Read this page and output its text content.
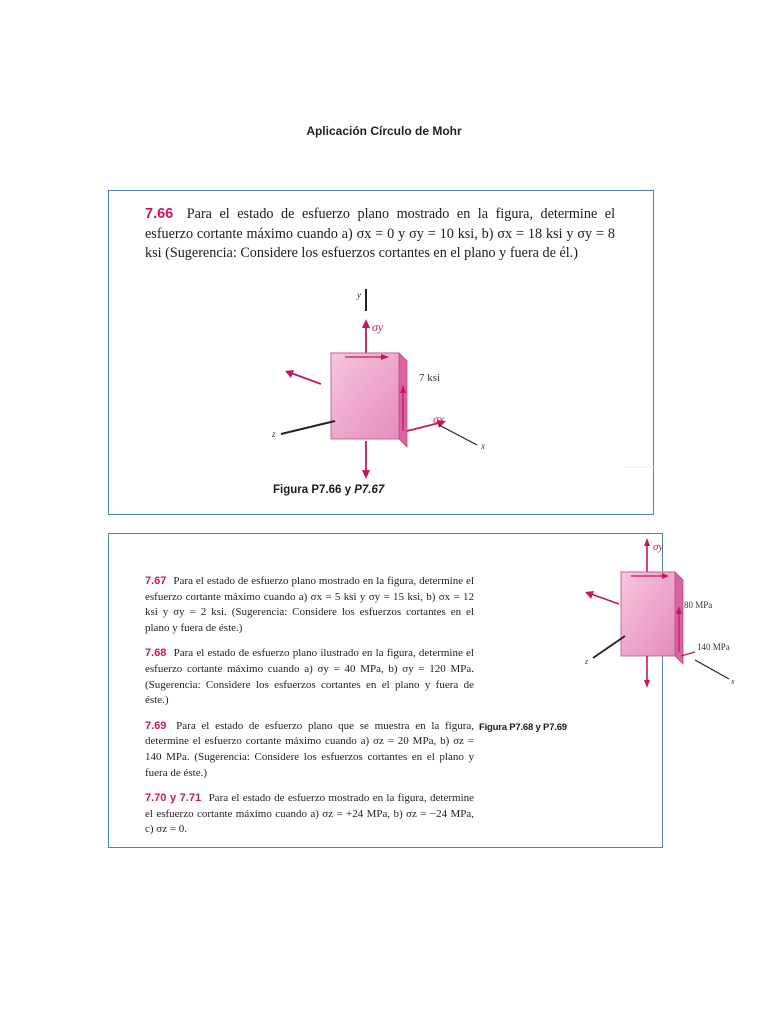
Aplicación Círculo de Mohr
7.66 Para el estado de esfuerzo plano mostrado en la figura, determine el esfuerzo cortante máximo cuando a) σx = 0 y σy = 10 ksi, b) σx = 18 ksi y σy = 8 ksi (Sugerencia: Considere los esfuerzos cortantes en el plano y fuera de él.)
y
σy
7 ksi
σx
x
z
Figura P7.66 y P7.67

7.67 Para el estado de esfuerzo plano mostrado en la figura, determine el esfuerzo cortante máximo cuando a) σx = 5 ksi y σy = 15 ksi, b) σx = 12 ksi y σy = 2 ksi. (Sugerencia: Considere los esfuerzos cortantes en el plano y fuera de éste.)

7.68 Para el estado de esfuerzo plano ilustrado en la figura, determine el esfuerzo cortante máximo cuando a) σy = 40 MPa, b) σy = 120 MPa. (Sugerencia: Considere los esfuerzos cortantes en el plano y fuera de éste.)

7.69 Para el estado de esfuerzo plano que se muestra en la figura, determine el esfuerzo cortante máximo cuando a) σz = 20 MPa, b) σz = 140 MPa. (Sugerencia: Considere los esfuerzos cortantes en el plano y fuera de éste.)

7.70 y 7.71 Para el estado de esfuerzo mostrado en la figura, determine el esfuerzo cortante máximo cuando a) σz = +24 MPa, b) σz = −24 MPa, c) σz = 0.

σy
80 MPa
140 MPa
x
z
Figura P7.68 y P7.69
